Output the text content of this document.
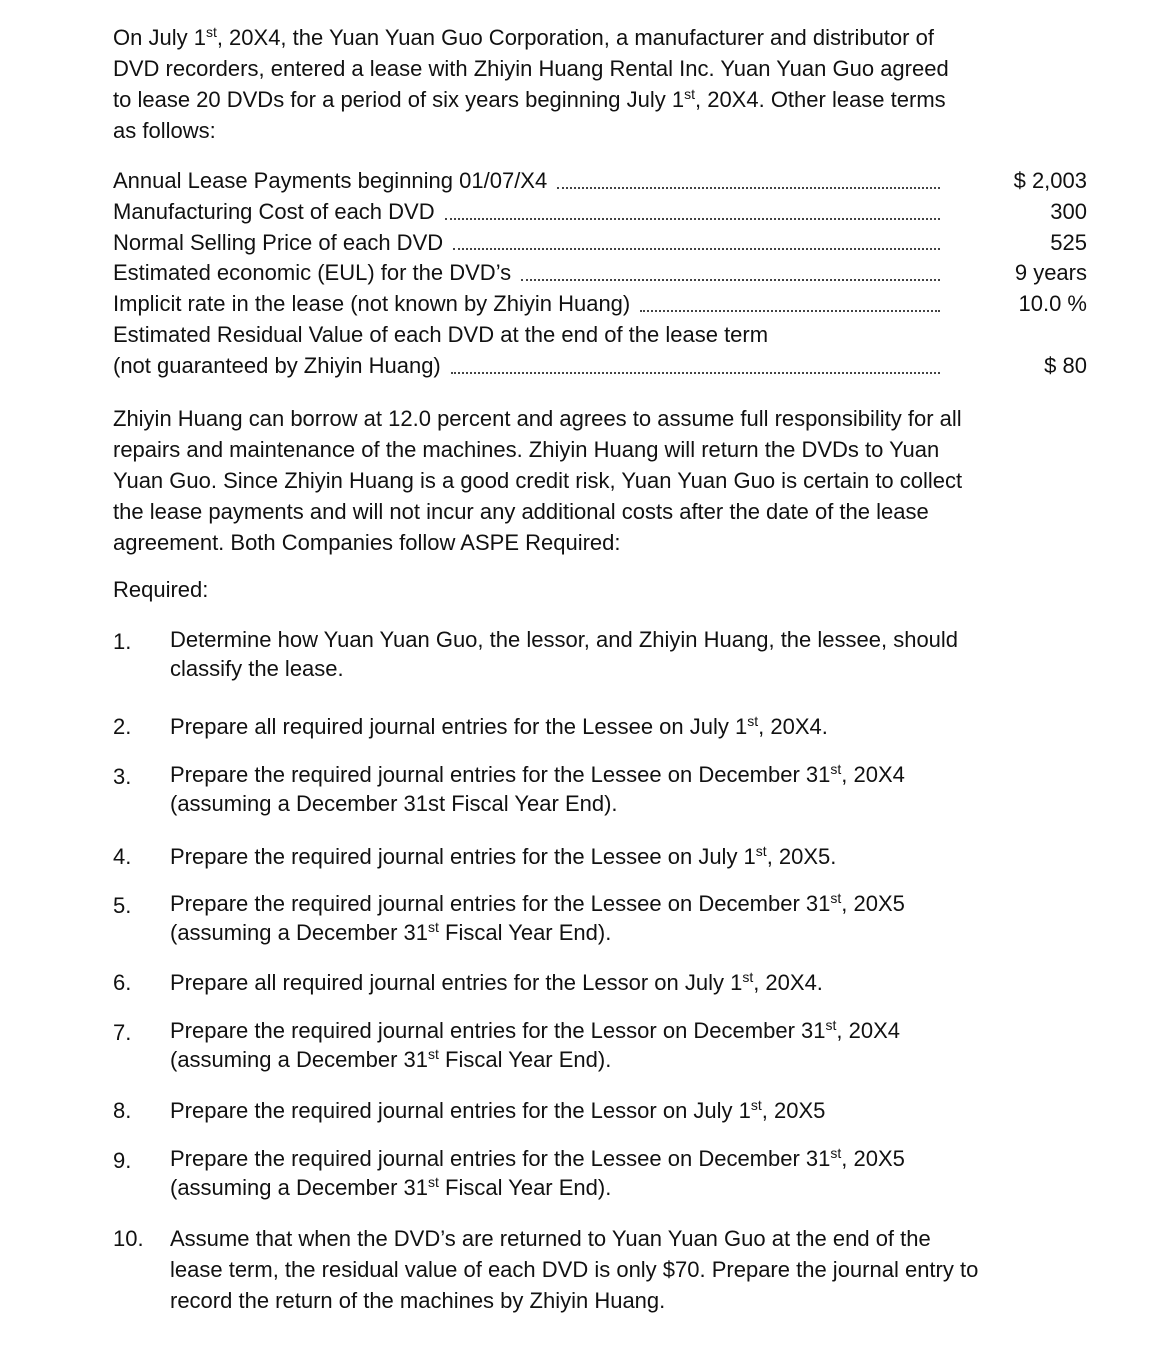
On July 1st, 20X4, the Yuan Yuan Guo Corporation, a manufacturer and distributor of
DVD recorders, entered a lease with Zhiyin Huang Rental Inc. Yuan Yuan Guo agreed
to lease 20 DVDs for a period of six years beginning July 1st, 20X4. Other lease terms
as follows:
Annual Lease Payments beginning 01/07/X4	$ 2,003
Manufacturing Cost of each DVD	300
Normal Selling Price of each DVD	525
Estimated economic (EUL) for the DVD’s	9 years
Implicit rate in the lease (not known by Zhiyin Huang)	10.0 %
Estimated Residual Value of each DVD at the end of the lease term
(not guaranteed by Zhiyin Huang)	$ 80
Zhiyin Huang can borrow at 12.0 percent and agrees to assume full responsibility for all
repairs and maintenance of the machines. Zhiyin Huang will return the DVDs to Yuan
Yuan Guo. Since Zhiyin Huang is a good credit risk, Yuan Yuan Guo is certain to collect
the lease payments and will not incur any additional costs after the date of the lease
agreement. Both Companies follow ASPE Required:
Required:
1. Determine how Yuan Yuan Guo, the lessor, and Zhiyin Huang, the lessee, should
classify the lease.
2. Prepare all required journal entries for the Lessee on July 1st, 20X4.
3. Prepare the required journal entries for the Lessee on December 31st, 20X4
(assuming a December 31st Fiscal Year End).
4. Prepare the required journal entries for the Lessee on July 1st, 20X5.
5. Prepare the required journal entries for the Lessee on December 31st, 20X5
(assuming a December 31st Fiscal Year End).
6. Prepare all required journal entries for the Lessor on July 1st, 20X4.
7. Prepare the required journal entries for the Lessor on December 31st, 20X4
(assuming a December 31st Fiscal Year End).
8. Prepare the required journal entries for the Lessor on July 1st, 20X5
9. Prepare the required journal entries for the Lessee on December 31st, 20X5
(assuming a December 31st Fiscal Year End).
10. Assume that when the DVD’s are returned to Yuan Yuan Guo at the end of the
lease term, the residual value of each DVD is only $70. Prepare the journal entry to
record the return of the machines by Zhiyin Huang.
